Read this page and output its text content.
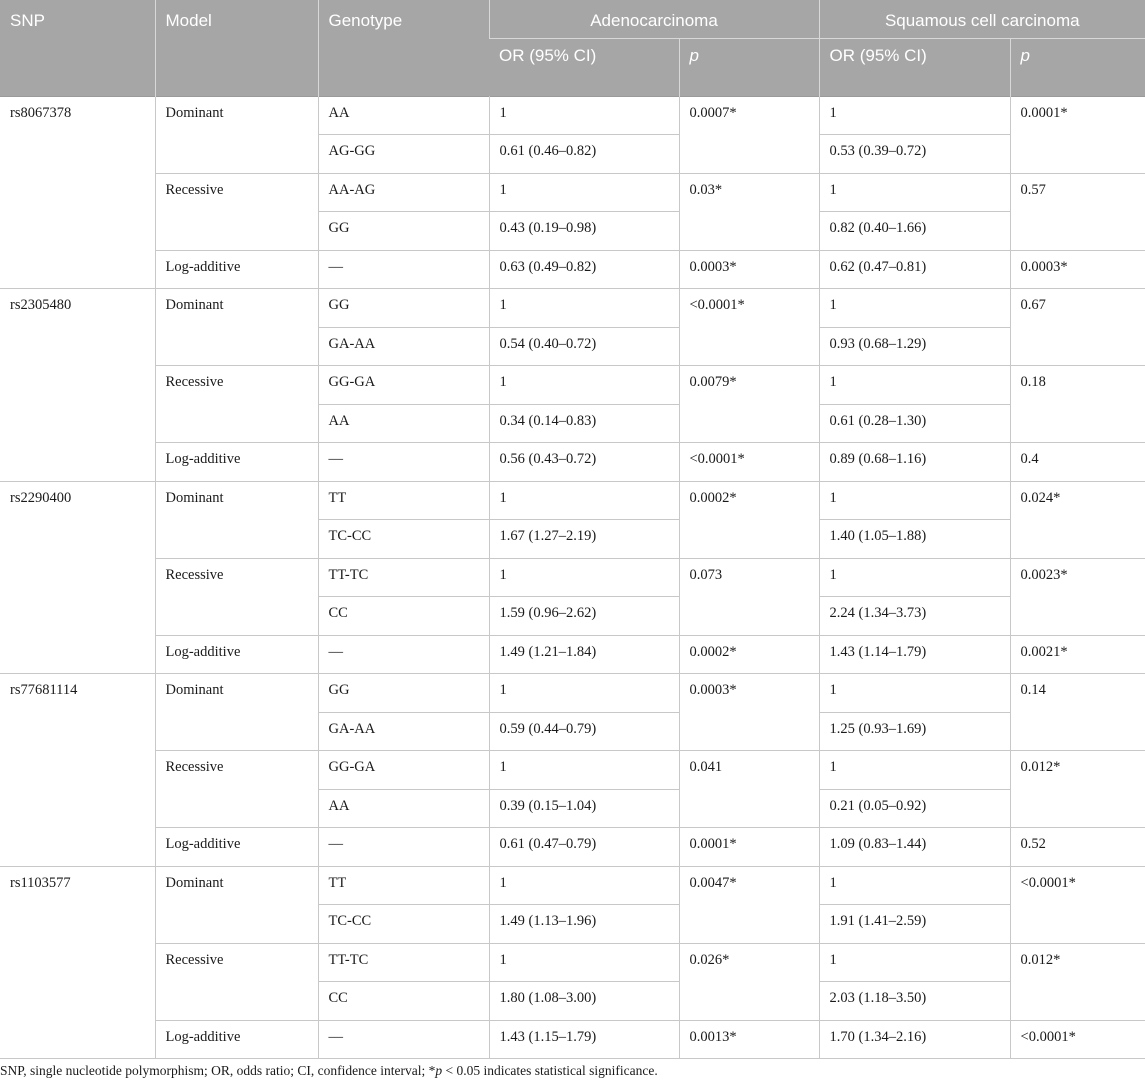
SNP	Model	Genotype	Adenocarcinoma		Squamous cell carcinoma	
			OR (95% CI)	p	OR (95% CI)	p
rs8067378	Dominant	AA	1	0.0007*	1	0.0001*
		AG-GG	0.61 (0.46–0.82)		0.53 (0.39–0.72)	
	Recessive	AA-AG	1	0.03*	1	0.57
		GG	0.43 (0.19–0.98)		0.82 (0.40–1.66)	
	Log-additive	—	0.63 (0.49–0.82)	0.0003*	0.62 (0.47–0.81)	0.0003*
rs2305480	Dominant	GG	1	<0.0001*	1	0.67
		GA-AA	0.54 (0.40–0.72)		0.93 (0.68–1.29)	
	Recessive	GG-GA	1	0.0079*	1	0.18
		AA	0.34 (0.14–0.83)		0.61 (0.28–1.30)	
	Log-additive	—	0.56 (0.43–0.72)	<0.0001*	0.89 (0.68–1.16)	0.4
rs2290400	Dominant	TT	1	0.0002*	1	0.024*
		TC-CC	1.67 (1.27–2.19)		1.40 (1.05–1.88)	
	Recessive	TT-TC	1	0.073	1	0.0023*
		CC	1.59 (0.96–2.62)		2.24 (1.34–3.73)	
	Log-additive	—	1.49 (1.21–1.84)	0.0002*	1.43 (1.14–1.79)	0.0021*
rs77681114	Dominant	GG	1	0.0003*	1	0.14
		GA-AA	0.59 (0.44–0.79)		1.25 (0.93–1.69)	
	Recessive	GG-GA	1	0.041	1	0.012*
		AA	0.39 (0.15–1.04)		0.21 (0.05–0.92)	
	Log-additive	—	0.61 (0.47–0.79)	0.0001*	1.09 (0.83–1.44)	0.52
rs1103577	Dominant	TT	1	0.0047*	1	<0.0001*
		TC-CC	1.49 (1.13–1.96)		1.91 (1.41–2.59)	
	Recessive	TT-TC	1	0.026*	1	0.012*
		CC	1.80 (1.08–3.00)		2.03 (1.18–3.50)	
	Log-additive	—	1.43 (1.15–1.79)	0.0013*	1.70 (1.34–2.16)	<0.0001*
SNP, single nucleotide polymorphism; OR, odds ratio; CI, confidence interval; *p < 0.05 indicates statistical significance.
